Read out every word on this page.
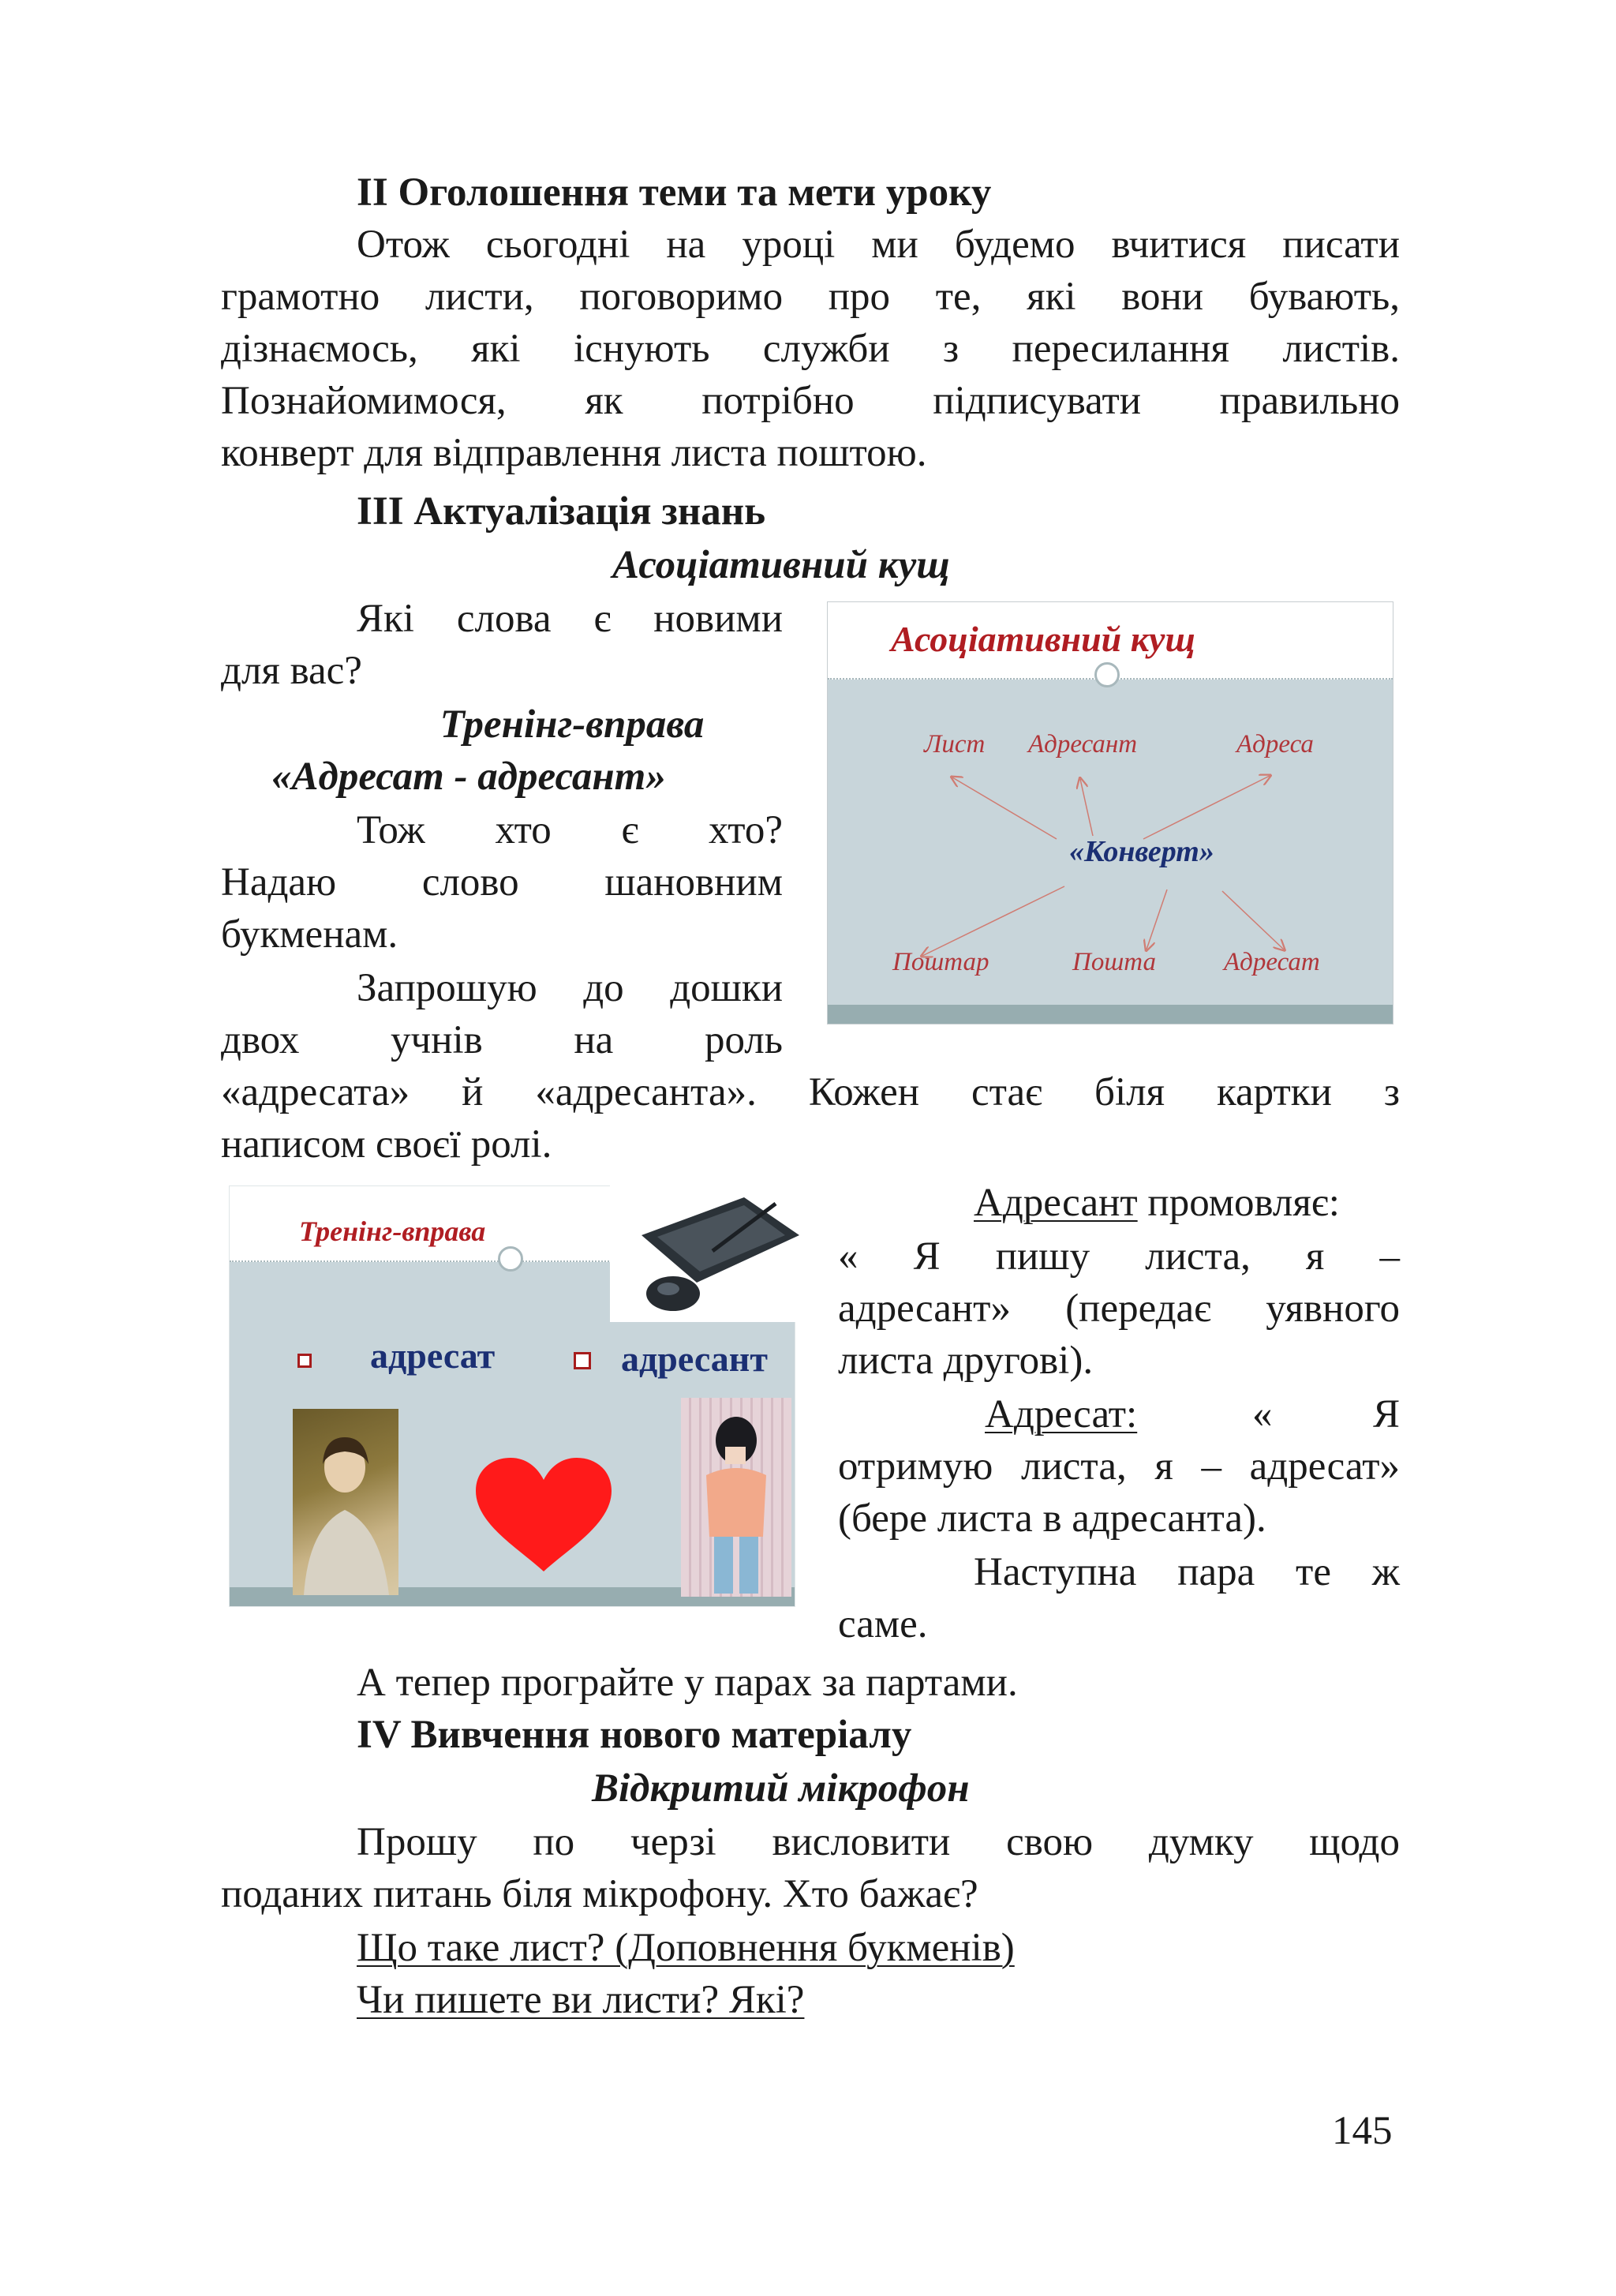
II Оголошення теми та мети уроку
Отож сьогодні на уроці ми будемо вчитися писати
грамотно листи, поговоримо про те, які вони бувають,
дізнаємось, які існують служби з пересилання листів.
Познайомимося, як потрібно підписувати правильно
конверт для відправлення листа поштою.
III Актуалізація знань
Асоціативний кущ
Які слова є новими
для вас?
Тренінг-вправа
«Адресат - адресант»
Тож хто є хто?
Надаю слово шановним
букменам.
Запрошую до дошки
двох учнів на роль
«адресата» й «адресанта». Кожен стає біля картки з
написом своєї ролі.
Адресант промовляє:
« Я пишу листа, я –
адресант» (передає уявного
листа другові).
Адресат:	«          Я
отримую листа, я – адресат»
(бере листа в адресанта).
Наступна пара те ж
саме.
А тепер програйте у парах за партами.
IV Вивчення нового матеріалу
Відкритий мікрофон
Прошу по черзі висловити свою думку щодо
поданих питань біля мікрофону. Хто бажає?
Що таке лист? (Доповнення букменів)
Чи пишете ви листи? Які?
145
Асоціативний кущ
Лист Адресант	Адреса
«Конверт»
Поштар	Пошта	Адресат
Тренінг-вправа
адресат	адресант
